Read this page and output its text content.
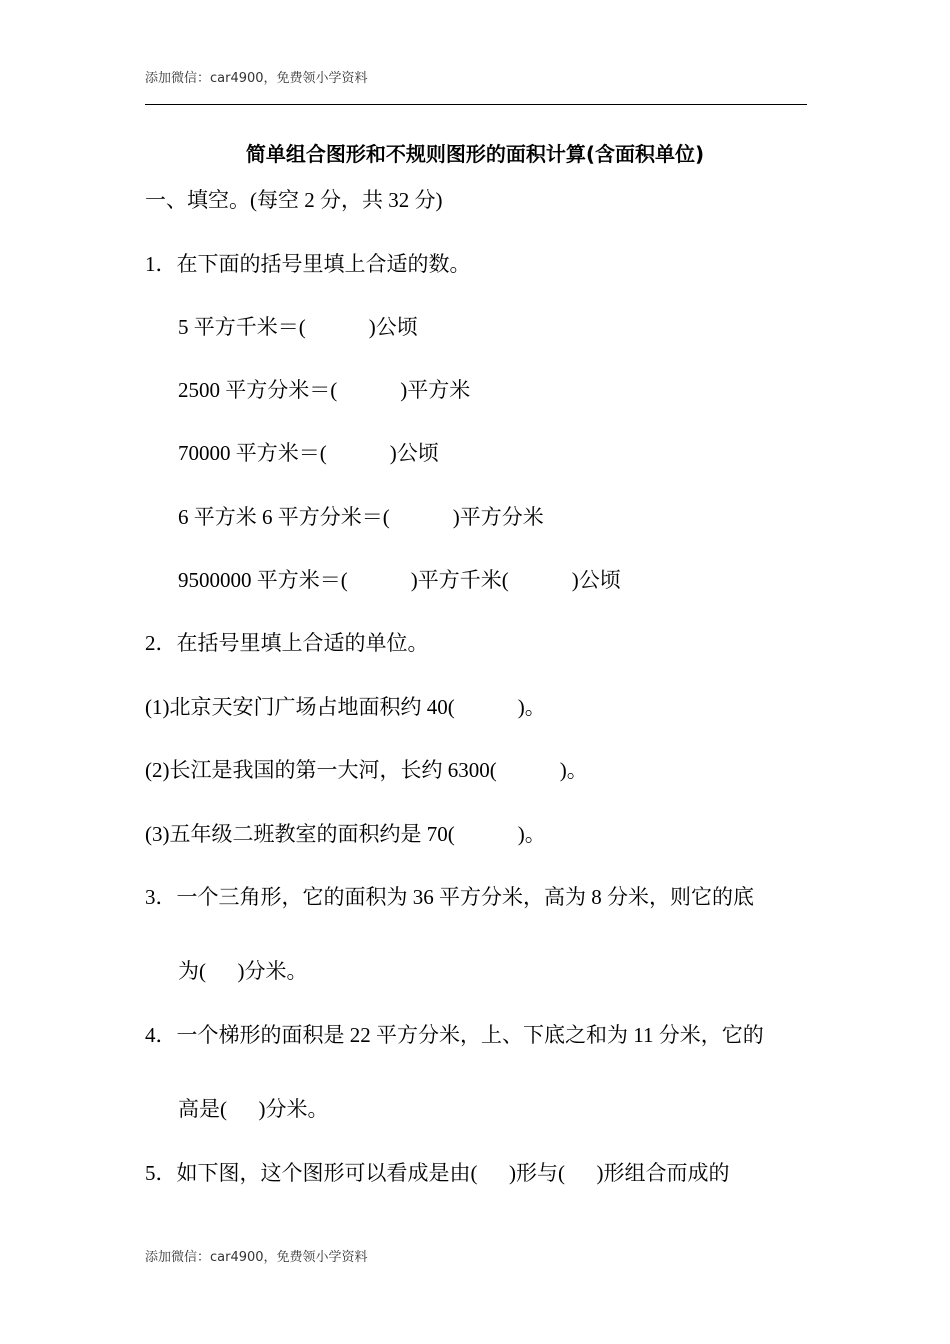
添加微信：car4900，免费领小学资料
简单组合图形和不规则图形的面积计算(含面积单位)
一、填空。(每空 2 分，共 32 分)
1．在下面的括号里填上合适的数。
5 平方千米＝(            )公顷
2500 平方分米＝(            )平方米
70000 平方米＝(            )公顷
6 平方米 6 平方分米＝(            )平方分米
9500000 平方米＝(            )平方千米(            )公顷
2．在括号里填上合适的单位。
(1)北京天安门广场占地面积约 40(            )。
(2)长江是我国的第一大河，长约 6300(            )。
(3)五年级二班教室的面积约是 70(            )。
3．一个三角形，它的面积为 36 平方分米，高为 8 分米，则它的底
为(      )分米。
4．一个梯形的面积是 22 平方分米，上、下底之和为 11 分米，它的
高是(      )分米。
5．如下图，这个图形可以看成是由(      )形与(      )形组合而成的
添加微信：car4900，免费领小学资料
